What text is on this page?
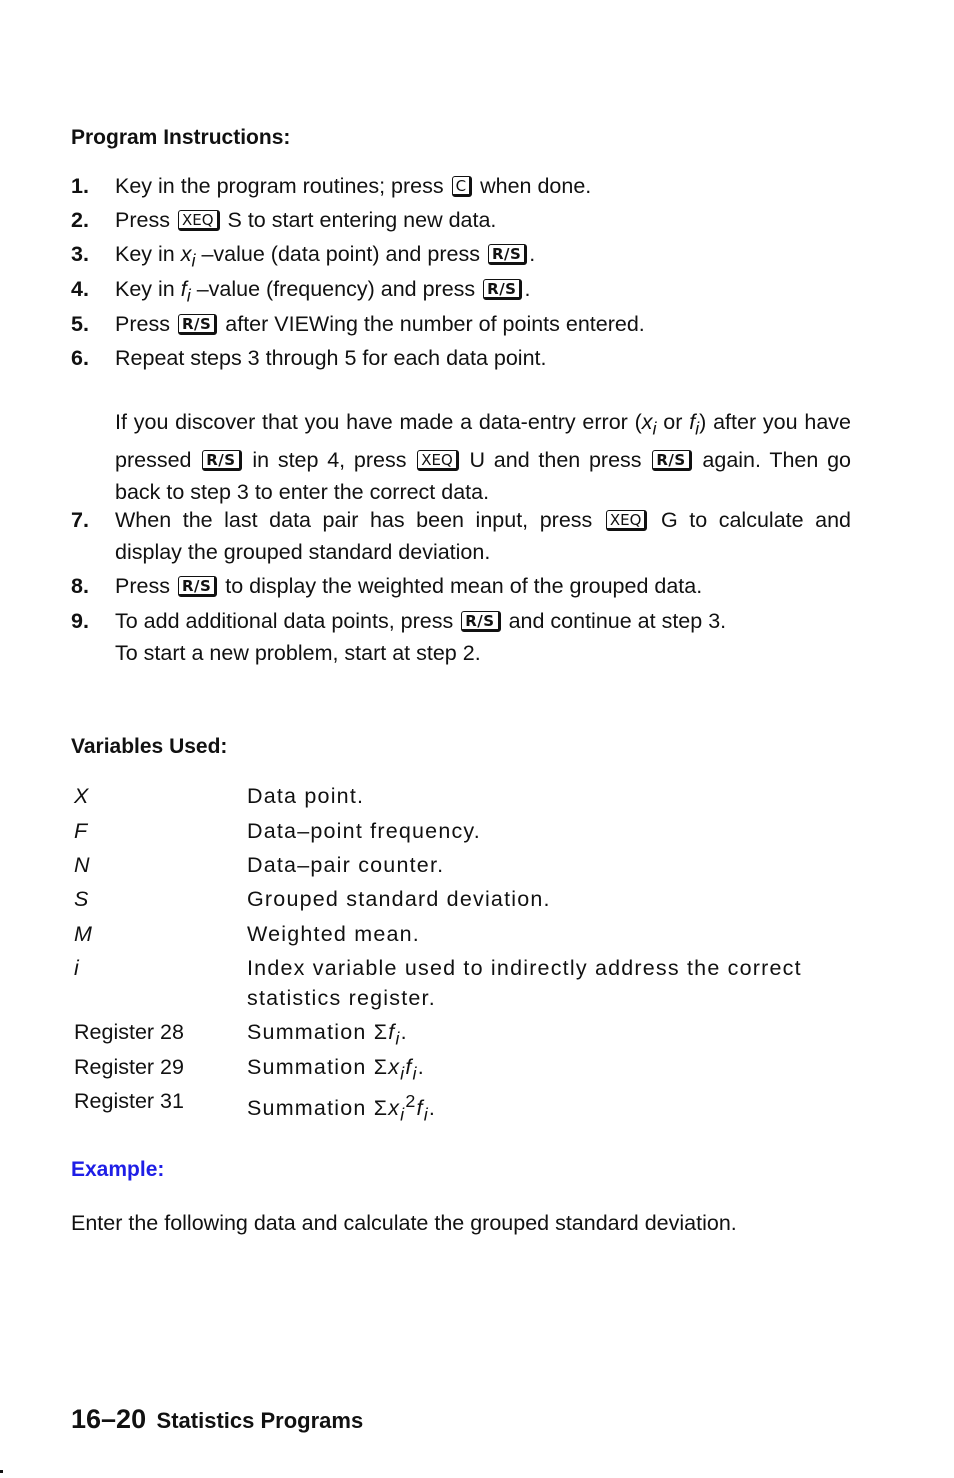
Program Instructions:
1. Key in the program routines; press C when done.
2. Press XEQ S to start entering new data.
3. Key in $x_i$ –value (data point) and press R/S .
4. Key in $f_i$ –value (frequency) and press R/S .
5. Press R/S after VIEWing the number of points entered.
6. Repeat steps 3 through 5 for each data point.
If you discover that you have made a data-entry error ($x_i$ or $f_i$) after you have pressed R/S in step 4, press XEQ U and then press R/S again. Then go back to step 3 to enter the correct data.
7. When the last data pair has been input, press XEQ G to calculate and display the grouped standard deviation.
8. Press R/S to display the weighted mean of the grouped data.
9. To add additional data points, press R/S and continue at step 3.
To start a new problem, start at step 2.
Variables Used:
X	Data point.
F	Data–point frequency.
N	Data–pair counter.
S	Grouped standard deviation.
M	Weighted mean.
i	Index variable used to indirectly address the correct statistics register.
Register 28	Summation $\Sigma f_i$.
Register 29	Summation $\Sigma x_if_i$.
Register 31	Summation $\Sigma x_i^2f_i$.
Example:
Enter the following data and calculate the grouped standard deviation.
16–20 Statistics Programs
